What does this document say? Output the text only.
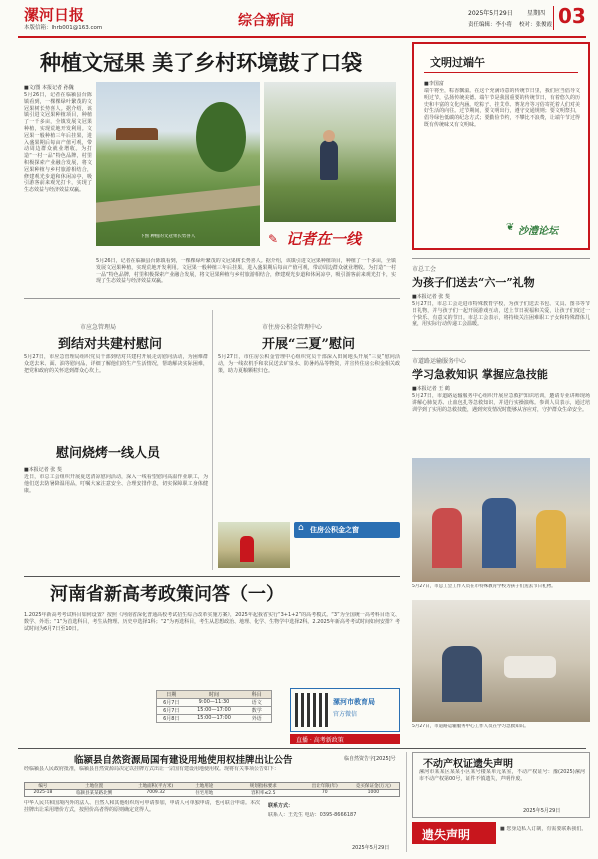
漯河日报
本版信箱：lhrb001@163.com	综合新闻	2025年5月29日 星期四
责任编辑：李小将 校对：张俊霞 03
种植文冠果 美了乡村环境鼓了口袋
■文/图 本报记者 孙魏
5月26日，记者在临颍县台陈镇看到，一棵棵绿叶繁茂的文冠果树长势喜人。据介绍，该镇引进文冠果种植项目，种植了一千多亩，全镇发展文冠果种植，实现荒地开发利用。文冠果一般种植三年后挂果，进入盛果期后每亩产值可观，带动周边群众就业增收。为打造“一村一品”特色品牌，村里积极探索产业融合发展，将文冠果种植与乡村旅游相结合，修建观光步道和休闲凉亭，吸引游客前来观光打卡，实现了生态效益与经济效益双赢。
下图 种植的文冠果长势喜人	记者在一线
✎
5月26日，记者在临颍县台陈镇看到，一棵棵绿叶繁茂的文冠果树长势喜人。据介绍，该镇引进文冠果种植项目，种植了一千多亩，全镇发展文冠果种植，实现荒地开发利用。文冠果一般种植三年后挂果，进入盛果期后每亩产值可观，带动周边群众就业增收。为打造“一村一品”特色品牌，村里积极探索产业融合发展，将文冠果种植与乡村旅游相结合，修建观光步道和休闲凉亭，吸引游客前来观光打卡，实现了生态效益与经济效益双赢。
文明过端午
■李国富
端午将至，粽香飘溢。在这个充满诗意的传统节日里，我们应当倡导文明过节，弘扬传统美德。端午节是我国重要的传统节日，有着悠久的历史和丰富的文化内涵。吃粽子、挂艾草、赛龙舟等习俗寄托着人们对美好生活的向往。过节期间，要文明出行，遵守交通规则；要文明祭扫，倡导绿色低碳的纪念方式；要勤俭节约，不攀比不浪费，让端午节过得既有传统味又有文明味。
沙澧论坛
❦
市总工会
为孩子们送去“六一”礼物
■本报记者 张 斐
5月27日，市总工会走进市特殊教育学校，为孩子们送去书包、文具、图书等节日礼物，并与孩子们一起开展游戏互动，送上节日祝福和关爱，让孩子们度过一个快乐、有意义的节日。市总工会表示，将持续关注困难职工子女和特殊群体儿童，用实际行动传递工会温暖。
市道路运输服务中心
学习急救知识 掌握应急技能
■本报记者 王 鹤
5月27日，市道路运输服务中心组织开展应急救护知识培训，邀请专业讲师现场讲解心肺复苏、止血包扎等急救知识，并进行实操演练。参训人员表示，通过培训学到了实用的急救技能，遇到突发情况时能够从容应对，守护群众生命安全。
5月27日，市总工会工作人员在市特殊教育学校为孩子们送去节日礼物。
5月27日，市道路运输服务中心工作人员在学习急救知识。
市应急管理局
到结对共建村慰问
5月27日，市应急管理局组织党员干部到结对共建村开展走访慰问活动，为困难群众送去米、面、油等慰问品，详细了解他们的生产生活情况，帮助解决实际困难，把党和政府的关怀送到群众心坎上。
慰问烧烤一线人员
■本报记者 张 斐
近日，市总工会组织开展夏送清凉慰问活动，深入一线看望慰问高温作业职工，为他们送去防暑降温用品，叮嘱大家注意安全、合理安排作息，切实保障职工身体健康。
市住房公积金管理中心
开展“三夏”慰问
5月27日，市住房公积金管理中心组织党员干部深入田间地头开展“三夏”慰问活动，为一线农机手和农民送去矿泉水、防暑药品等物资，并宣传住房公积金相关政策，助力夏粮颗粒归仓。
⌂ 住房公积金之窗
河南省新高考政策问答（一）
1.2025年新高考考试科目如何设置？按照《河南省深化普通高校考试招生综合改革实施方案》，2025年起我省实行“3+1+2”的高考模式。“3”为全国统一高考科目语文、数学、外语；“1”为首选科目，考生从物理、历史中选择1科；“2”为再选科目，考生从思想政治、地理、化学、生物学中选择2科。2.2025年新高考考试时间如何安排？考试时间为6月7日至10日。
日期	时间	科目
6月7日	9:00—11:30	语文
6月7日	15:00—17:00	数学
6月8日	15:00—17:00	外语
漯河市教育局
官方微信
直播 · 高考新政策
临颍县自然资源局国有建设用地使用权挂牌出让公告	临自然资告字[2025]号
经临颍县人民政府批准，临颍县自然资源局决定以挂牌方式出让一宗国有建设用地使用权。现将有关事项公告如下：
编号	土地位置	土地面积(平方米)	土地用途	规划指标要求	出让年限(年)	竞买保证金(万元)
2025-18	临颍县某某路北侧	7009.32	住宅用地	容积率≤2.5	70	1000
中华人民共和国境内外的法人、自然人和其他组织均可申请参加，申请人可单独申请，也可联合申请。本次挂牌出让采用增价方式，按照价高者得的原则确定竞得人。
联系方式：
联系人：王先生 电话：0395-8666187
2025年5月29日
不动产权证遗失声明
漯河市某某区某某小区某号楼某单元某室，不动产权证号：豫(2025)漯河市不动产权第00号，证件不慎遗失，声明作废。
2025年5月29日
遗失声明	■ 您身边私人订制，有需要联系我们。
